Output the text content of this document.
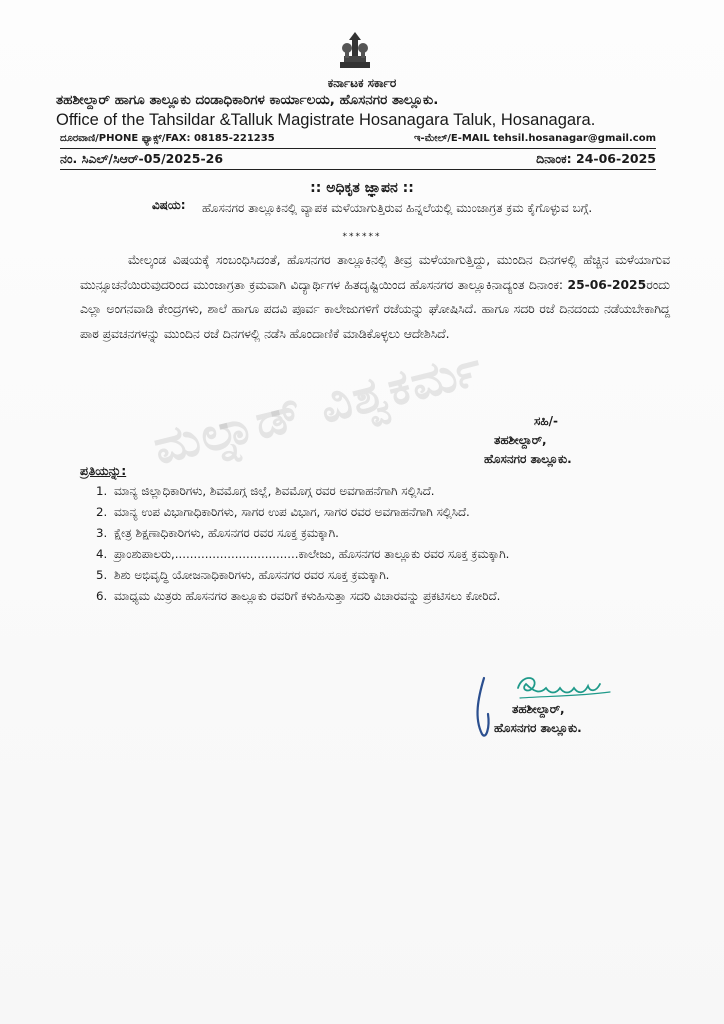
ಕರ್ನಾಟಕ ಸರ್ಕಾರ
ತಹಶೀಲ್ದಾರ್ ಹಾಗೂ ತಾಲ್ಲೂಕು ದಂಡಾಧಿಕಾರಿಗಳ ಕಾರ್ಯಾಲಯ, ಹೊಸನಗರ ತಾಲ್ಲೂಕು.
Office of the Tahsildar &Talluk Magistrate Hosanagara Taluk, Hosanagara.
ದೂರವಾಣಿ/PHONE ಫ್ಯಾಕ್ಸ್/FAX: 08185-221235	ಇ-ಮೇಲ್/E-MAIL tehsil.hosanagar@gmail.com
ನಂ. ಸಿಎಲ್/ಸಿಆರ್-05/2025-26	ದಿನಾಂಕ: 24-06-2025
:: ಅಧಿಕೃತ ಜ್ಞಾಪನ ::
ವಿಷಯ:	ಹೊಸನಗರ ತಾಲ್ಲೂಕಿನಲ್ಲಿ ವ್ಯಾಪಕ ಮಳೆಯಾಗುತ್ತಿರುವ ಹಿನ್ನಲೆಯಲ್ಲಿ ಮುಂಜಾಗ್ರತ ಕ್ರಮ ಕೈಗೊಳ್ಳುವ ಬಗ್ಗೆ.
******
ಮೇಲ್ಕಂಡ ವಿಷಯಕ್ಕೆ ಸಂಬಂಧಿಸಿದಂತೆ, ಹೊಸನಗರ ತಾಲ್ಲೂಕಿನಲ್ಲಿ ತೀವ್ರ ಮಳೆಯಾಗುತ್ತಿದ್ದು, ಮುಂದಿನ ದಿನಗಳಲ್ಲಿ ಹೆಚ್ಚಿನ ಮಳೆಯಾಗುವ ಮುನ್ಸೂಚನೆಯಿರುವುದರಿಂದ ಮುಂಜಾಗ್ರತಾ ಕ್ರಮವಾಗಿ ವಿದ್ಯಾರ್ಥಿಗಳ ಹಿತದೃಷ್ಟಿಯಿಂದ ಹೊಸನಗರ ತಾಲ್ಲೂಕಿನಾದ್ಯಂತ ದಿನಾಂಕ: 25-06-2025ರಂದು ಎಲ್ಲಾ ಅಂಗನವಾಡಿ ಕೇಂದ್ರಗಳು, ಶಾಲೆ ಹಾಗೂ ಪದವಿ ಪೂರ್ವ ಕಾಲೇಜುಗಳಿಗೆ ರಜೆಯನ್ನು ಘೋಷಿಸಿದೆ. ಹಾಗೂ ಸದರಿ ರಜೆ ದಿನದಂದು ನಡೆಯಬೇಕಾಗಿದ್ದ ಪಾಠ ಪ್ರವಚನಗಳನ್ನು ಮುಂದಿನ ರಜೆ ದಿನಗಳಲ್ಲಿ ನಡೆಸಿ ಹೊಂದಾಣಿಕೆ ಮಾಡಿಕೊಳ್ಳಲು ಆದೇಶಿಸಿದೆ.
ಮಲ್ನಾಡ್ ವಿಶ್ವಕರ್ಮ	ಸಹಿ/-
ತಹಶೀಲ್ದಾರ್,
ಹೊಸನಗರ ತಾಲ್ಲೂಕು.
ಪ್ರತಿಯನ್ನು:
1. ಮಾನ್ಯ ಜಿಲ್ಲಾಧಿಕಾರಿಗಳು, ಶಿವಮೊಗ್ಗ ಜಿಲ್ಲೆ, ಶಿವಮೊಗ್ಗ ರವರ ಅವಗಾಹನೆಗಾಗಿ ಸಲ್ಲಿಸಿದೆ.
2. ಮಾನ್ಯ ಉಪ ವಿಭಾಗಾಧಿಕಾರಿಗಳು, ಸಾಗರ ಉಪ ವಿಭಾಗ, ಸಾಗರ ರವರ ಅವಗಾಹನೆಗಾಗಿ ಸಲ್ಲಿಸಿದೆ.
3. ಕ್ಷೇತ್ರ ಶಿಕ್ಷಣಾಧಿಕಾರಿಗಳು, ಹೊಸನಗರ ರವರ ಸೂಕ್ತ ಕ್ರಮಕ್ಕಾಗಿ.
4. ಪ್ರಾಂಶುಪಾಲರು,.................................ಕಾಲೇಜು, ಹೊಸನಗರ ತಾಲ್ಲೂಕು ರವರ ಸೂಕ್ತ ಕ್ರಮಕ್ಕಾಗಿ.
5. ಶಿಶು ಅಭಿವೃದ್ಧಿ ಯೋಜನಾಧಿಕಾರಿಗಳು, ಹೊಸನಗರ ರವರ ಸೂಕ್ತ ಕ್ರಮಕ್ಕಾಗಿ.
6. ಮಾಧ್ಯಮ ಮಿತ್ರರು ಹೊಸನಗರ ತಾಲ್ಲೂಕು ರವರಿಗೆ ಕಳುಹಿಸುತ್ತಾ ಸದರಿ ವಿಚಾರವನ್ನು ಪ್ರಕಟಿಸಲು ಕೋರಿದೆ.
ತಹಶೀಲ್ದಾರ್,
ಹೊಸನಗರ ತಾಲ್ಲೂಕು.
